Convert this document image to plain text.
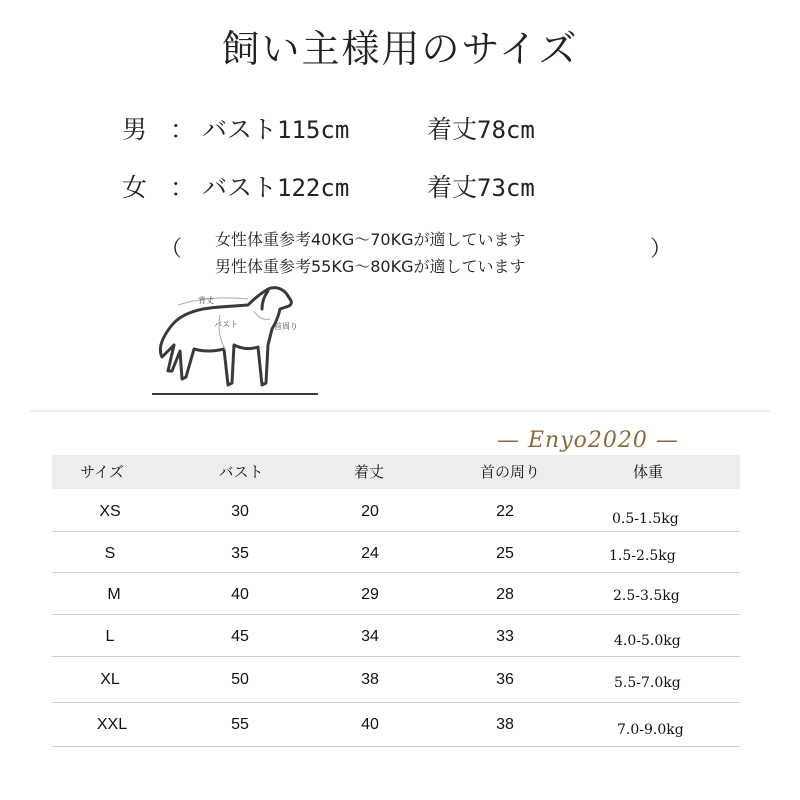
飼い主様用のサイズ
男 ： バスト115cm	着丈78cm
女 ： バスト122cm	着丈73cm
（ 女性体重参考40KG～70KGが適しています
男性体重参考55KG～80KGが適しています
）
背丈
バスト	首周り
— Enyo2020 —
サイズ	バスト	着丈	首の周り	体重
XS	30	20	22	0.5-1.5kg
S	35	24	25	1.5-2.5kg
M	40	29	28	2.5-3.5kg
L	45	34	33	4.0-5.0kg
XL	50	38	36	5.5-7.0kg
XXL	55	40	38	7.0-9.0kg
